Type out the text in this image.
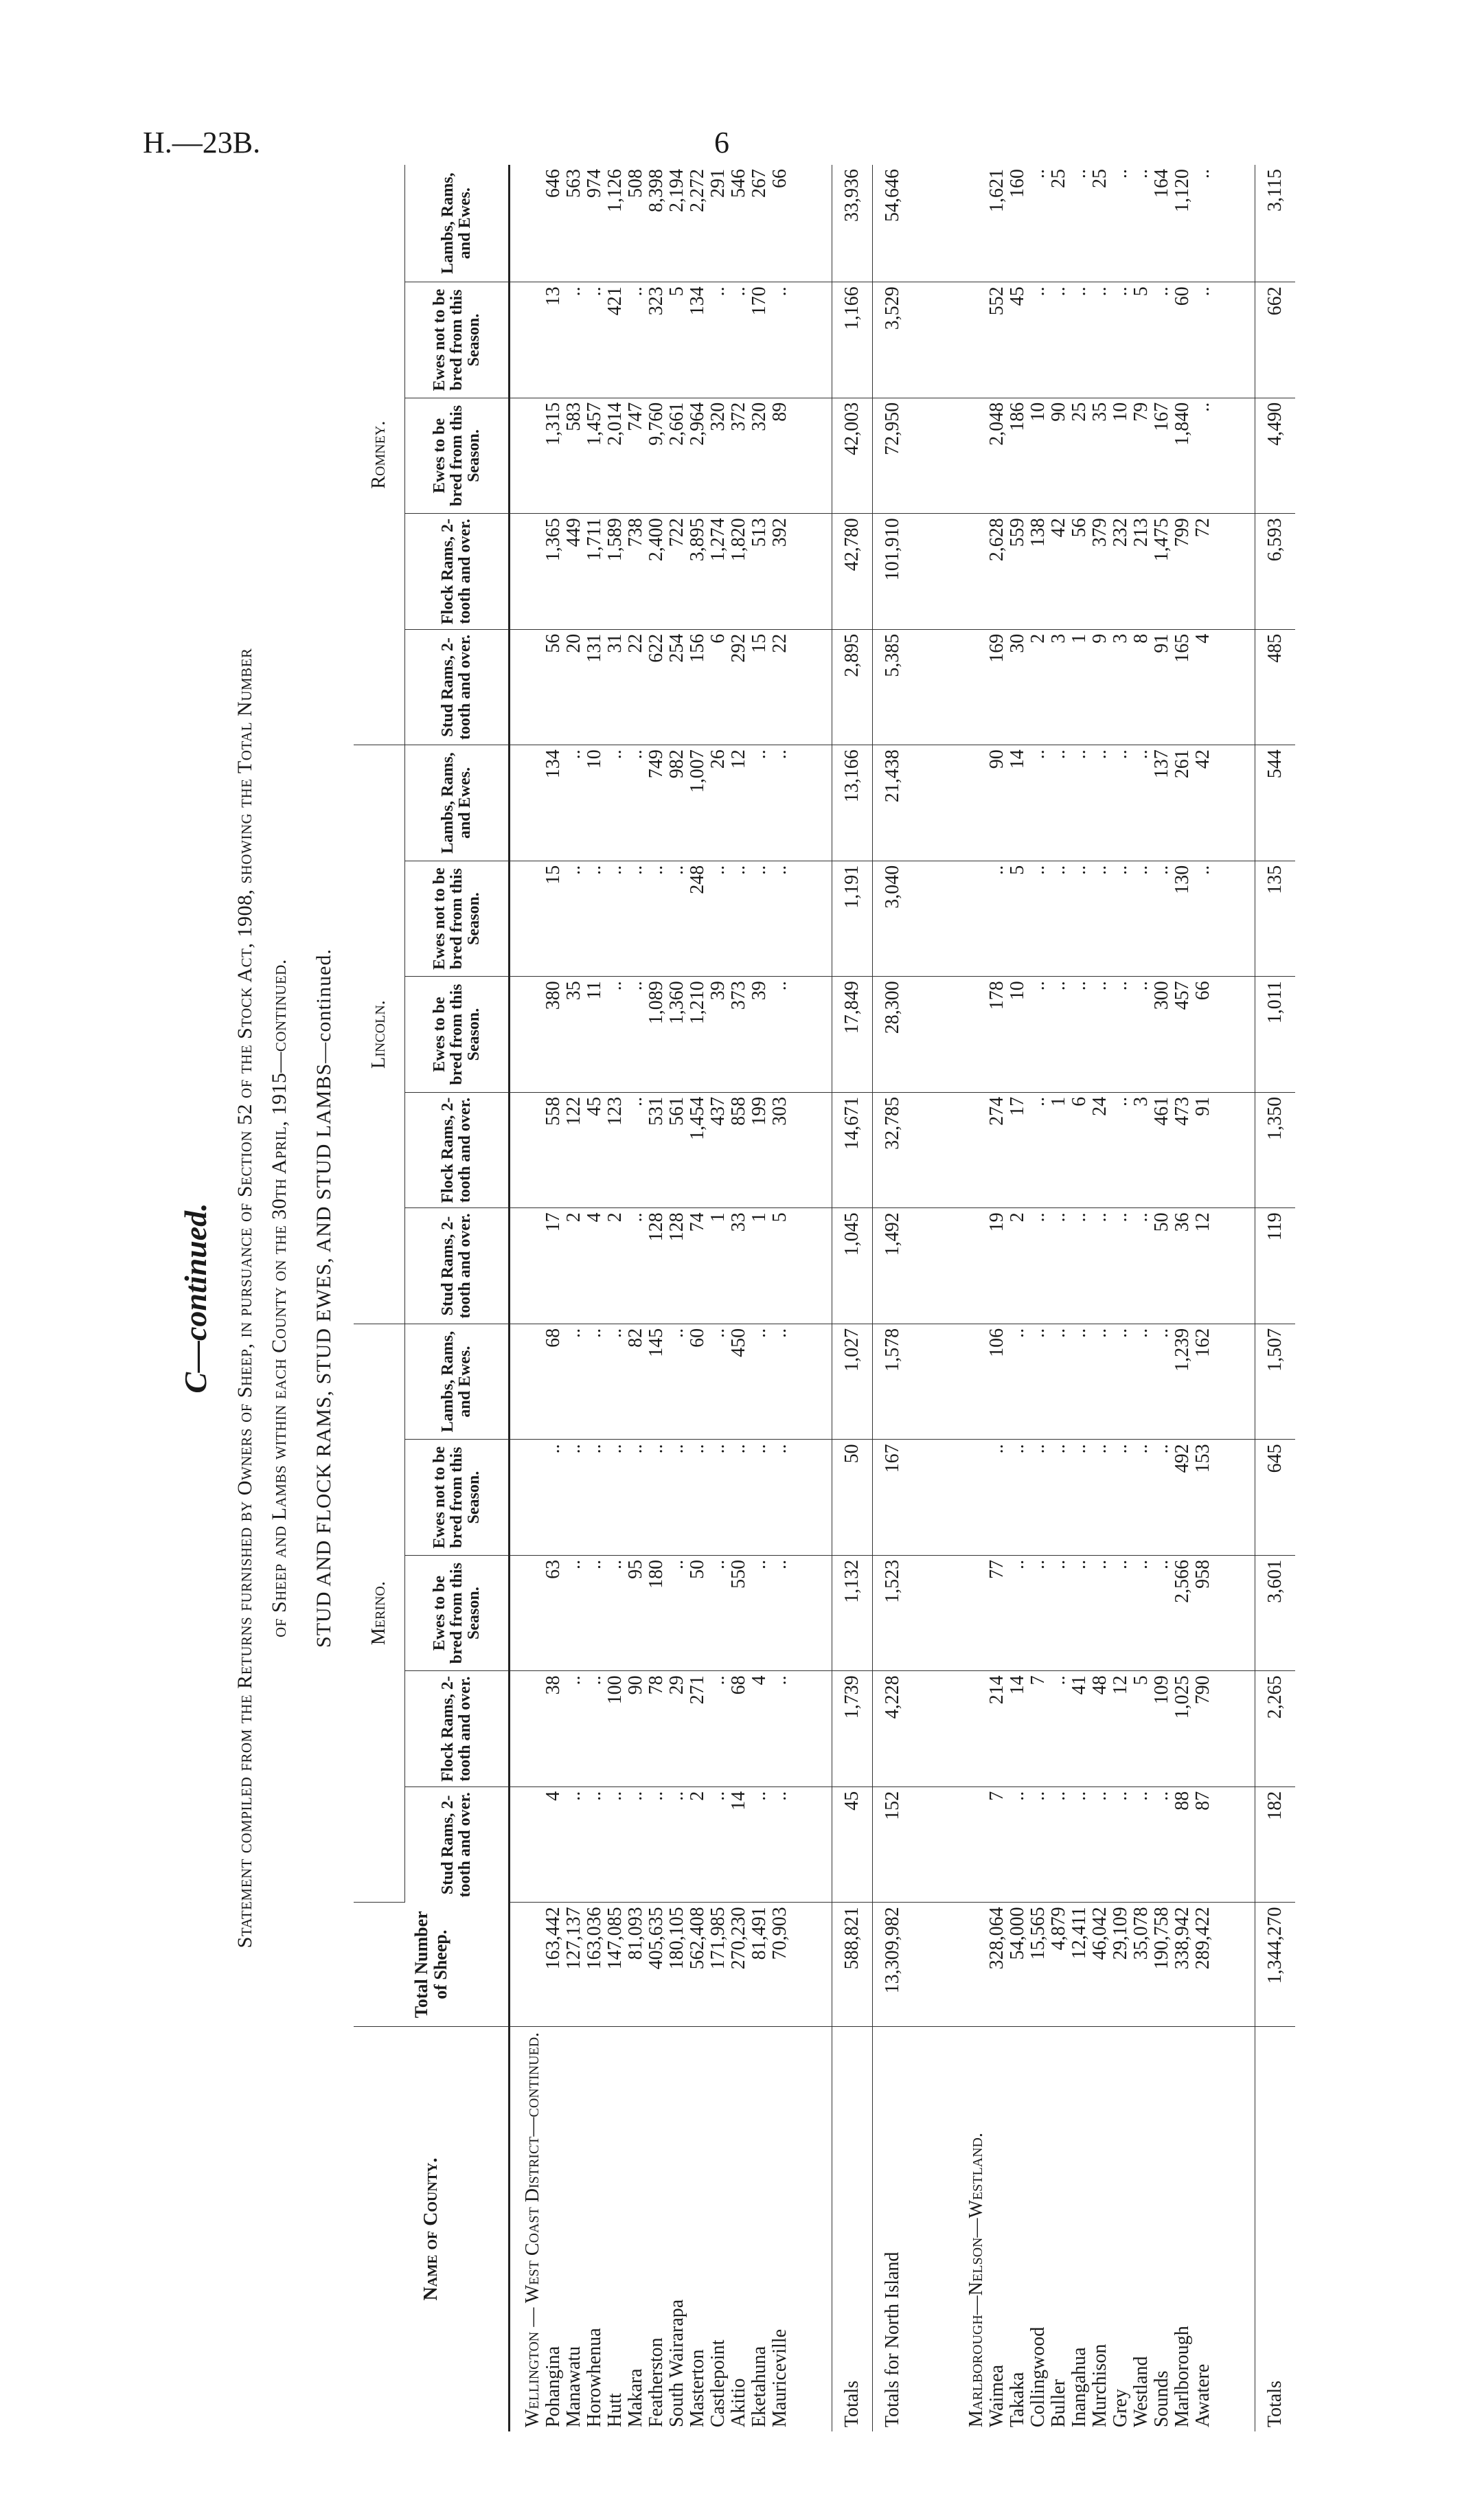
H.—23B.	6
C—continued. Statement compiled from the Returns furnished by Owners of Sheep, in pursuance of Section 52 of the Stock Act, 1908, showing the Total Number of Sheep and Lambs within each County on the 30th April, 1915—continued. STUD AND FLOCK RAMS, STUD EWES, AND STUD LAMBS—continued.
Name of County.	Total Number of Sheep.	Merino.					Lincoln.					Romney.				
		Stud Rams, 2-tooth and over.	Flock Rams, 2-tooth and over.	Ewes to be bred from this Season.	Ewes not to be bred from this Season.	Lambs, Rams, and Ewes.	Stud Rams, 2-tooth and over.	Flock Rams, 2-tooth and over.	Ewes to be bred from this Season.	Ewes not to be bred from this Season.	Lambs, Rams, and Ewes.	Stud Rams, 2-tooth and over.	Flock Rams, 2-tooth and over.	Ewes to be bred from this Season.	Ewes not to be bred from this Season.	Lambs, Rams, and Ewes.
Wellington — West Coast District—continued.																
Pohangina	163,442	4	38	63	..	68	17	558	380	15	134	56	1,365	1,315	13	646
Manawatu	127,137	..	..	..	..	..	2	122	35	..	..	20	449	583	..	563
Horowhenua	163,036	..	..	..	..	..	4	45	11	..	10	131	1,711	1,457	..	974
Hutt	147,085	..	100	..	..	..	2	123	..	..	..	31	1,589	2,014	421	1,126
Makara	81,093	..	90	95	..	82	..	..	..	..	..	22	738	747	..	508
Featherston	405,635	..	78	180	..	145	128	531	1,089	..	749	622	2,400	9,760	323	8,398
South Wairarapa	180,105	..	29	..	..	..	128	561	1,360	..	982	254	722	2,661	5	2,194
Masterton	562,408	2	271	50	..	60	74	1,454	1,210	248	1,007	156	3,895	2,964	134	2,272
Castlepoint	171,985	..	..	..	..	..	1	437	39	..	26	6	1,274	320	..	291
Akitio	270,230	14	68	550	..	450	33	858	373	..	12	292	1,820	372	..	546
Eketahuna	81,491	..	4	..	..	..	1	199	39	..	..	15	513	320	170	267
Mauriceville	70,903	..	..	..	..	..	5	303	..	..	..	22	392	89	..	66

Totals	588,821	45	1,739	1,132	50	1,027	1,045	14,671	17,849	1,191	13,166	2,895	42,780	42,003	1,166	33,936
Totals for North Island	13,309,982	152	4,228	1,523	167	1,578	1,492	32,785	28,300	3,040	21,438	5,385	101,910	72,950	3,529	54,646

Marlborough—Nelson—Westland.																
Waimea	328,064	7	214	77	..	106	19	274	178	..	90	169	2,628	2,048	552	1,621
Takaka	54,000	..	14	..	..	..	2	17	10	5	14	30	559	186	45	160
Collingwood	15,565	..	7	..	..	..	..	..	..	..	..	2	138	10	..	..
Buller	4,879	..	..	..	..	..	..	1	..	..	..	3	42	90	..	25
Inangahua	12,411	..	41	..	..	..	..	6	..	..	..	1	56	25	..	..
Murchison	46,042	..	48	..	..	..	..	24	..	..	..	9	379	35	..	25
Grey	29,109	..	12	..	..	..	..	..	..	..	..	3	232	10	..	..
Westland	35,078	..	5	..	..	..	..	3	..	..	..	8	213	79	5	..
Sounds	190,758	..	109	..	..	..	50	461	300	..	137	91	1,475	167	..	164
Marlborough	338,942	88	1,025	2,566	492	1,239	36	473	457	130	261	165	799	1,840	60	1,120
Awatere	289,422	87	790	958	153	162	12	91	66	..	42	4	72	..	..	..

Totals	1,344,270	182	2,265	3,601	645	1,507	119	1,350	1,011	135	544	485	6,593	4,490	662	3,115
